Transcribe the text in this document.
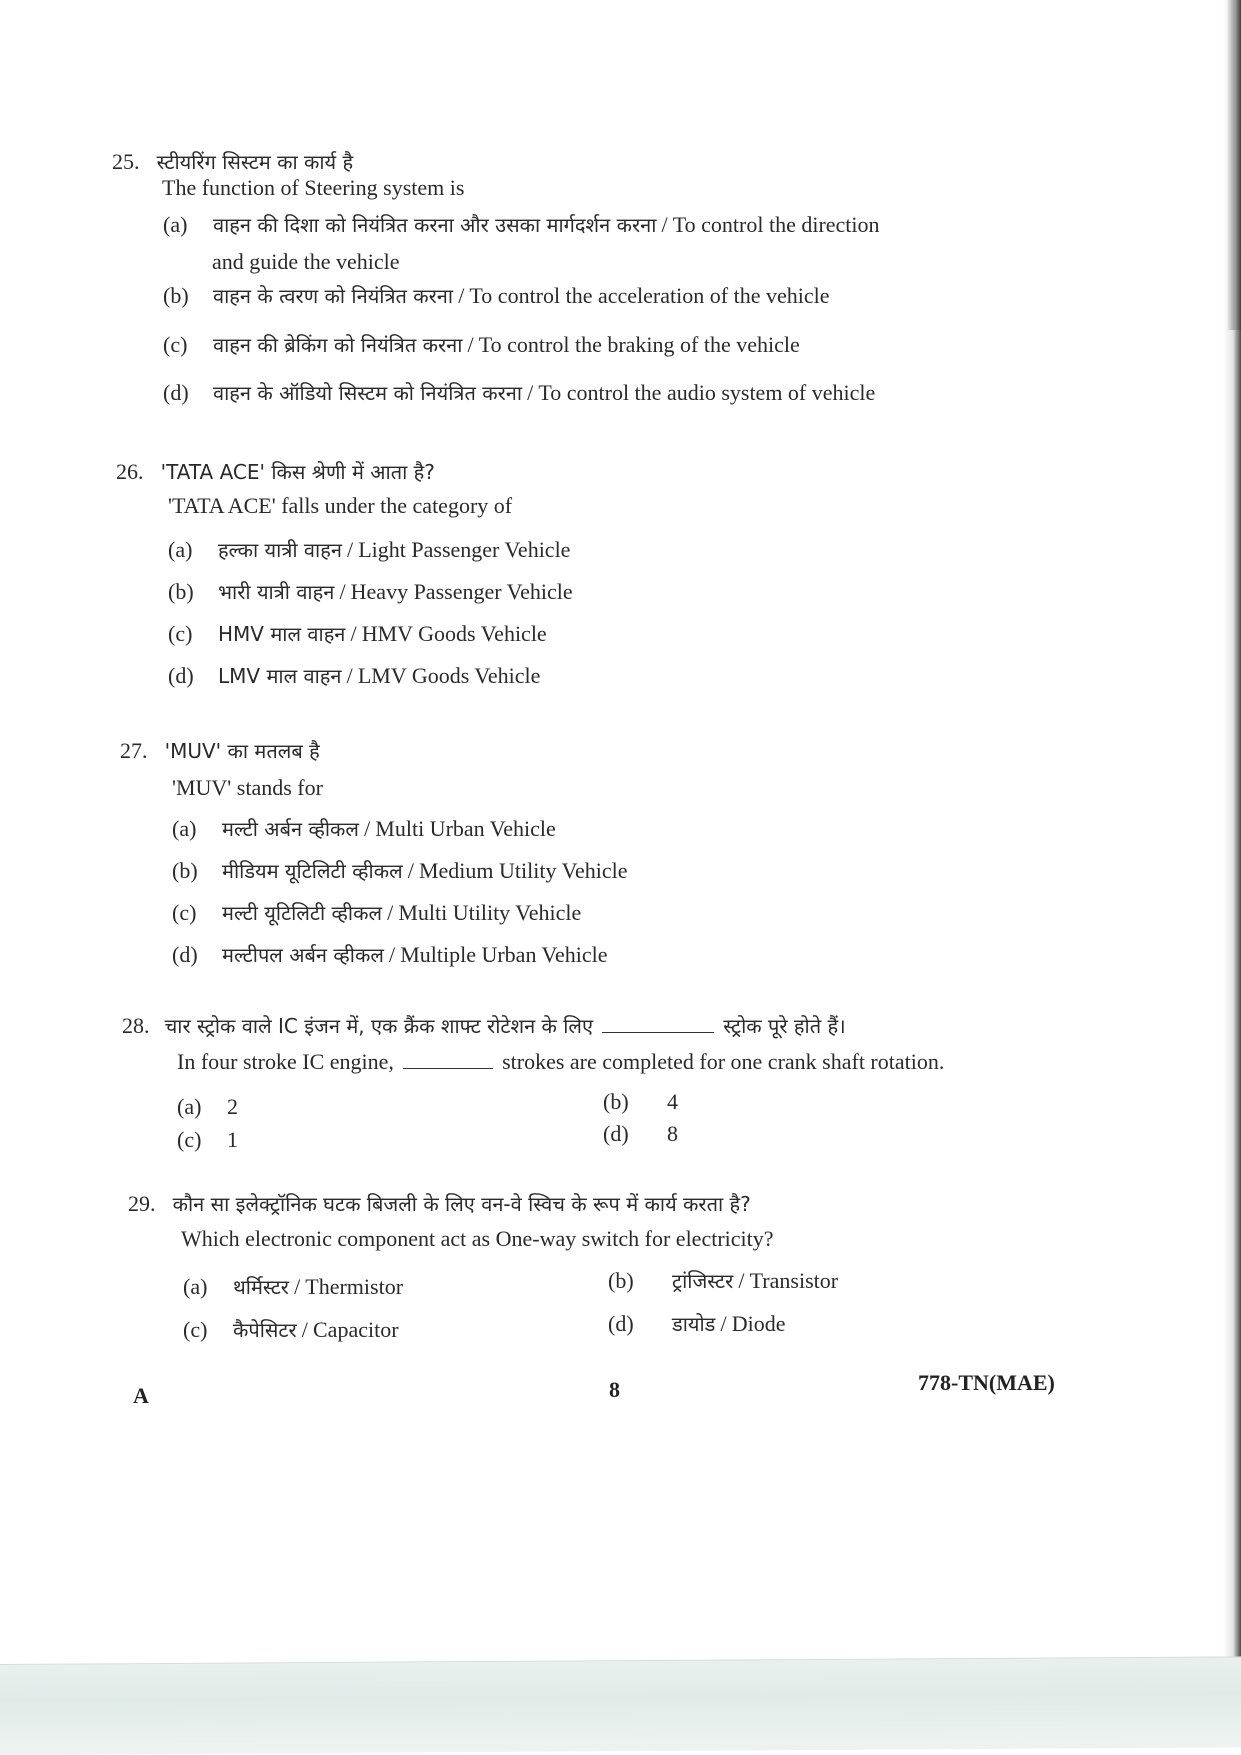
25. स्टीयरिंग सिस्टम का कार्य है
The function of Steering system is
(a) वाहन की दिशा को नियंत्रित करना और उसका मार्गदर्शन करना / To control the direction
and guide the vehicle
(b) वाहन के त्वरण को नियंत्रित करना / To control the acceleration of the vehicle
(c) वाहन की ब्रेकिंग को नियंत्रित करना / To control the braking of the vehicle
(d) वाहन के ऑडियो सिस्टम को नियंत्रित करना / To control the audio system of vehicle
26. 'TATA ACE' किस श्रेणी में आता है?
'TATA ACE' falls under the category of
(a) हल्का यात्री वाहन / Light Passenger Vehicle
(b) भारी यात्री वाहन / Heavy Passenger Vehicle
(c) HMV माल वाहन / HMV Goods Vehicle
(d) LMV माल वाहन / LMV Goods Vehicle
27. 'MUV' का मतलब है
'MUV' stands for
(a) मल्टी अर्बन व्हीकल / Multi Urban Vehicle
(b) मीडियम यूटिलिटी व्हीकल / Medium Utility Vehicle
(c) मल्टी यूटिलिटी व्हीकल / Multi Utility Vehicle
(d) मल्टीपल अर्बन व्हीकल / Multiple Urban Vehicle
28. चार स्ट्रोक वाले IC इंजन में, एक क्रैंक शाफ्ट रोटेशन के लिए	स्ट्रोक पूरे होते हैं।
In four stroke IC engine,	strokes are completed for one crank shaft rotation.
(a) 2	(b) 4
(c) 1	(d) 8
29. कौन सा इलेक्ट्रॉनिक घटक बिजली के लिए वन-वे स्विच के रूप में कार्य करता है?
Which electronic component act as One-way switch for electricity?
(a) थर्मिस्टर / Thermistor	(b) ट्रांजिस्टर / Transistor
(c) कैपेसिटर / Capacitor	(d) डायोड / Diode
A	8	778-TN(MAE)
